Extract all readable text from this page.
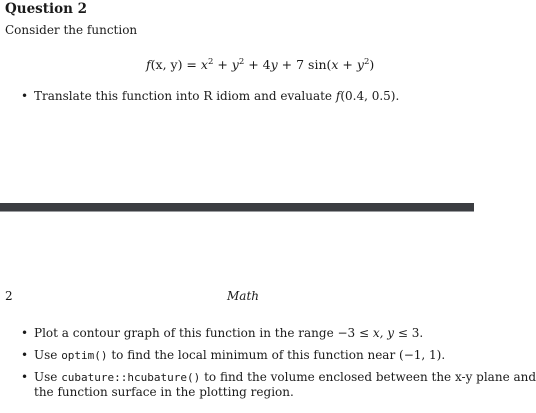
Question 2
Consider the function
f(x, $y) = x^2 + y^2 + 4y + 7$ $\sin(x + y^2)$
• Translate this function into R idiom and evaluate f(0.4, 0.5).
2	Math
• Plot a contour graph of this function in the range −3 ≤ x, y ≤ 3.
• Use optim() to find the local minimum of this function near (−1, 1).
• Use cubature::hcubature() to find the volume enclosed between the x-y plane and
the function surface in the plotting region.
